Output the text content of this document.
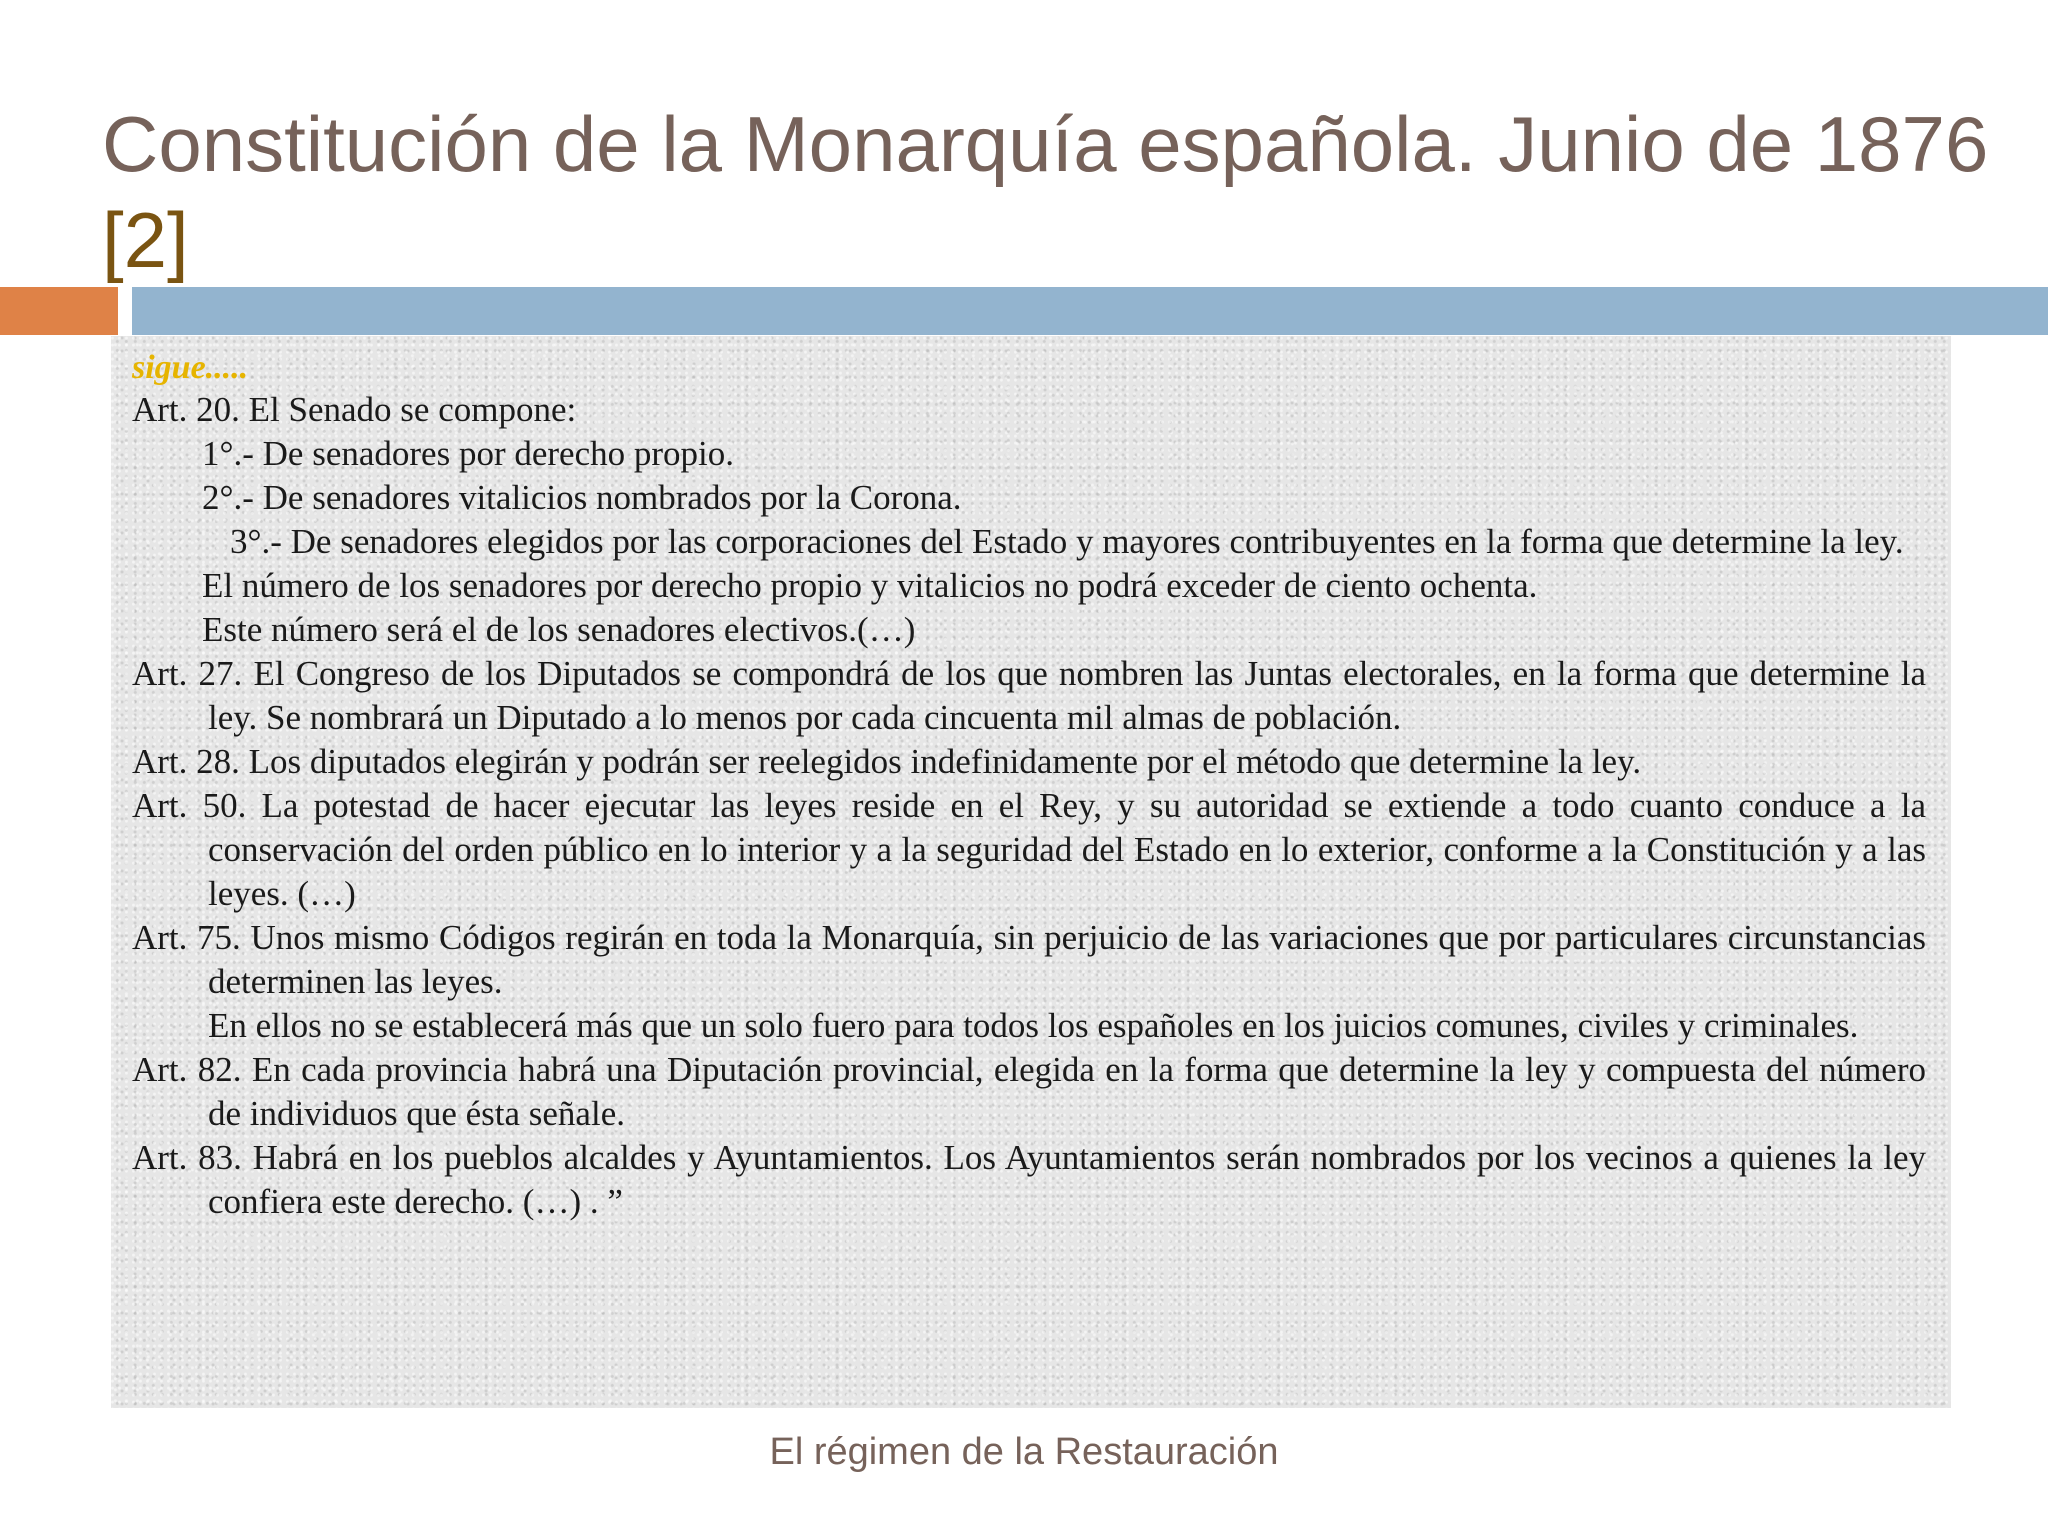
Constitución de la Monarquía española. Junio de 1876
[2]
sigue.....
Art. 20. El Senado se compone:
1°.- De senadores por derecho propio.
2°.- De senadores vitalicios nombrados por la Corona.
3°.- De senadores elegidos por las corporaciones del Estado y mayores contribuyentes en la forma que determine la ley.
El número de los senadores por derecho propio y vitalicios no podrá exceder de ciento ochenta.
Este número será el de los senadores electivos.(…)
Art. 27. El Congreso de los Diputados se compondrá de los que nombren las Juntas electorales, en la forma que determine la ley. Se nombrará un Diputado a lo menos por cada cincuenta mil almas de población.
Art. 28. Los diputados elegirán y podrán ser reelegidos indefinidamente por el método que determine la ley.
Art. 50. La potestad de hacer ejecutar las leyes reside en el Rey, y su autoridad se extiende a todo cuanto conduce a la conservación del orden público en lo interior y a la seguridad del Estado en lo exterior, conforme a la Constitución y a las leyes. (…)
Art. 75. Unos mismo Códigos regirán en toda la Monarquía, sin perjuicio de las variaciones que por particulares circunstancias determinen las leyes.
En ellos no se establecerá más que un solo fuero para todos los españoles en los juicios comunes, civiles y criminales.
Art. 82. En cada provincia habrá una Diputación provincial, elegida en la forma que determine la ley y compuesta del número de individuos que ésta señale.
Art. 83. Habrá en los pueblos alcaldes y Ayuntamientos. Los Ayuntamientos serán nombrados por los vecinos a quienes la ley confiera este derecho. (…) . ”
El régimen de la Restauración
